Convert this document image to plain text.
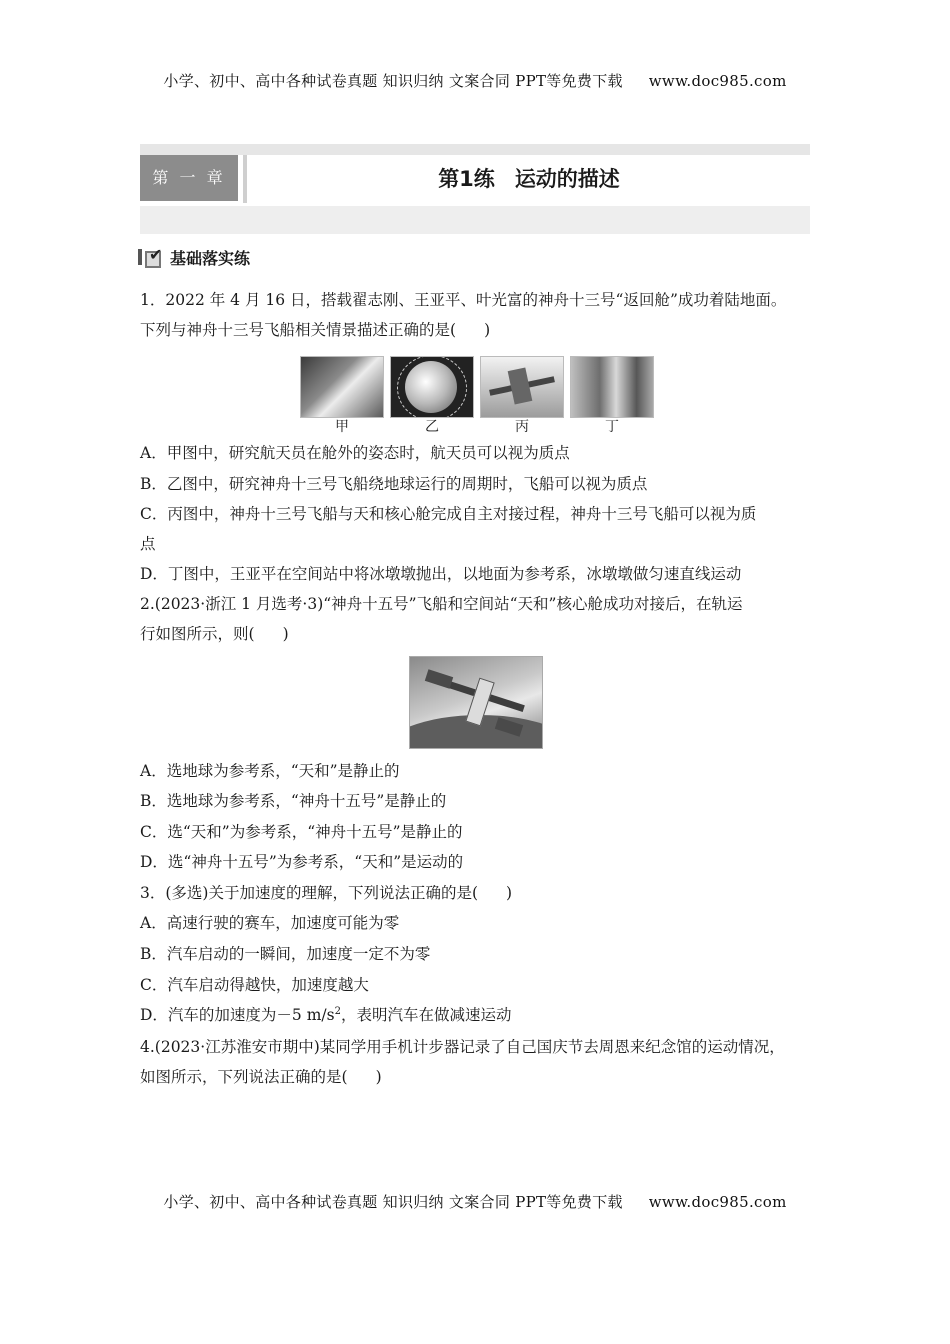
小学、初中、高中各种试卷真题 知识归纳 文案合同 PPT等免费下载 www.doc985.com
第 一 章	第1练 运动的描述
✔ 基础落实练
1．2022 年 4 月 16 日，搭载翟志刚、王亚平、叶光富的神舟十三号“返回舱”成功着陆地面。
下列与神舟十三号飞船相关情景描述正确的是( )
甲	乙	丙	丁
A．甲图中，研究航天员在舱外的姿态时，航天员可以视为质点
B．乙图中，研究神舟十三号飞船绕地球运行的周期时，飞船可以视为质点
C．丙图中，神舟十三号飞船与天和核心舱完成自主对接过程，神舟十三号飞船可以视为质
点
D．丁图中，王亚平在空间站中将冰墩墩抛出，以地面为参考系，冰墩墩做匀速直线运动
2.(2023·浙江 1 月选考·3)“神舟十五号”飞船和空间站“天和”核心舱成功对接后，在轨运
行如图所示，则( )
A．选地球为参考系，“天和”是静止的
B．选地球为参考系，“神舟十五号”是静止的
C．选“天和”为参考系，“神舟十五号”是静止的
D．选“神舟十五号”为参考系，“天和”是运动的
3．(多选)关于加速度的理解，下列说法正确的是( )
A．高速行驶的赛车，加速度可能为零
B．汽车启动的一瞬间，加速度一定不为零
C．汽车启动得越快，加速度越大
D．汽车的加速度为－5 $m/s^2$，表明汽车在做减速运动
4.(2023·江苏淮安市期中)某同学用手机计步器记录了自己国庆节去周恩来纪念馆的运动情况，
如图所示，下列说法正确的是( )
小学、初中、高中各种试卷真题 知识归纳 文案合同 PPT等免费下载 www.doc985.com
